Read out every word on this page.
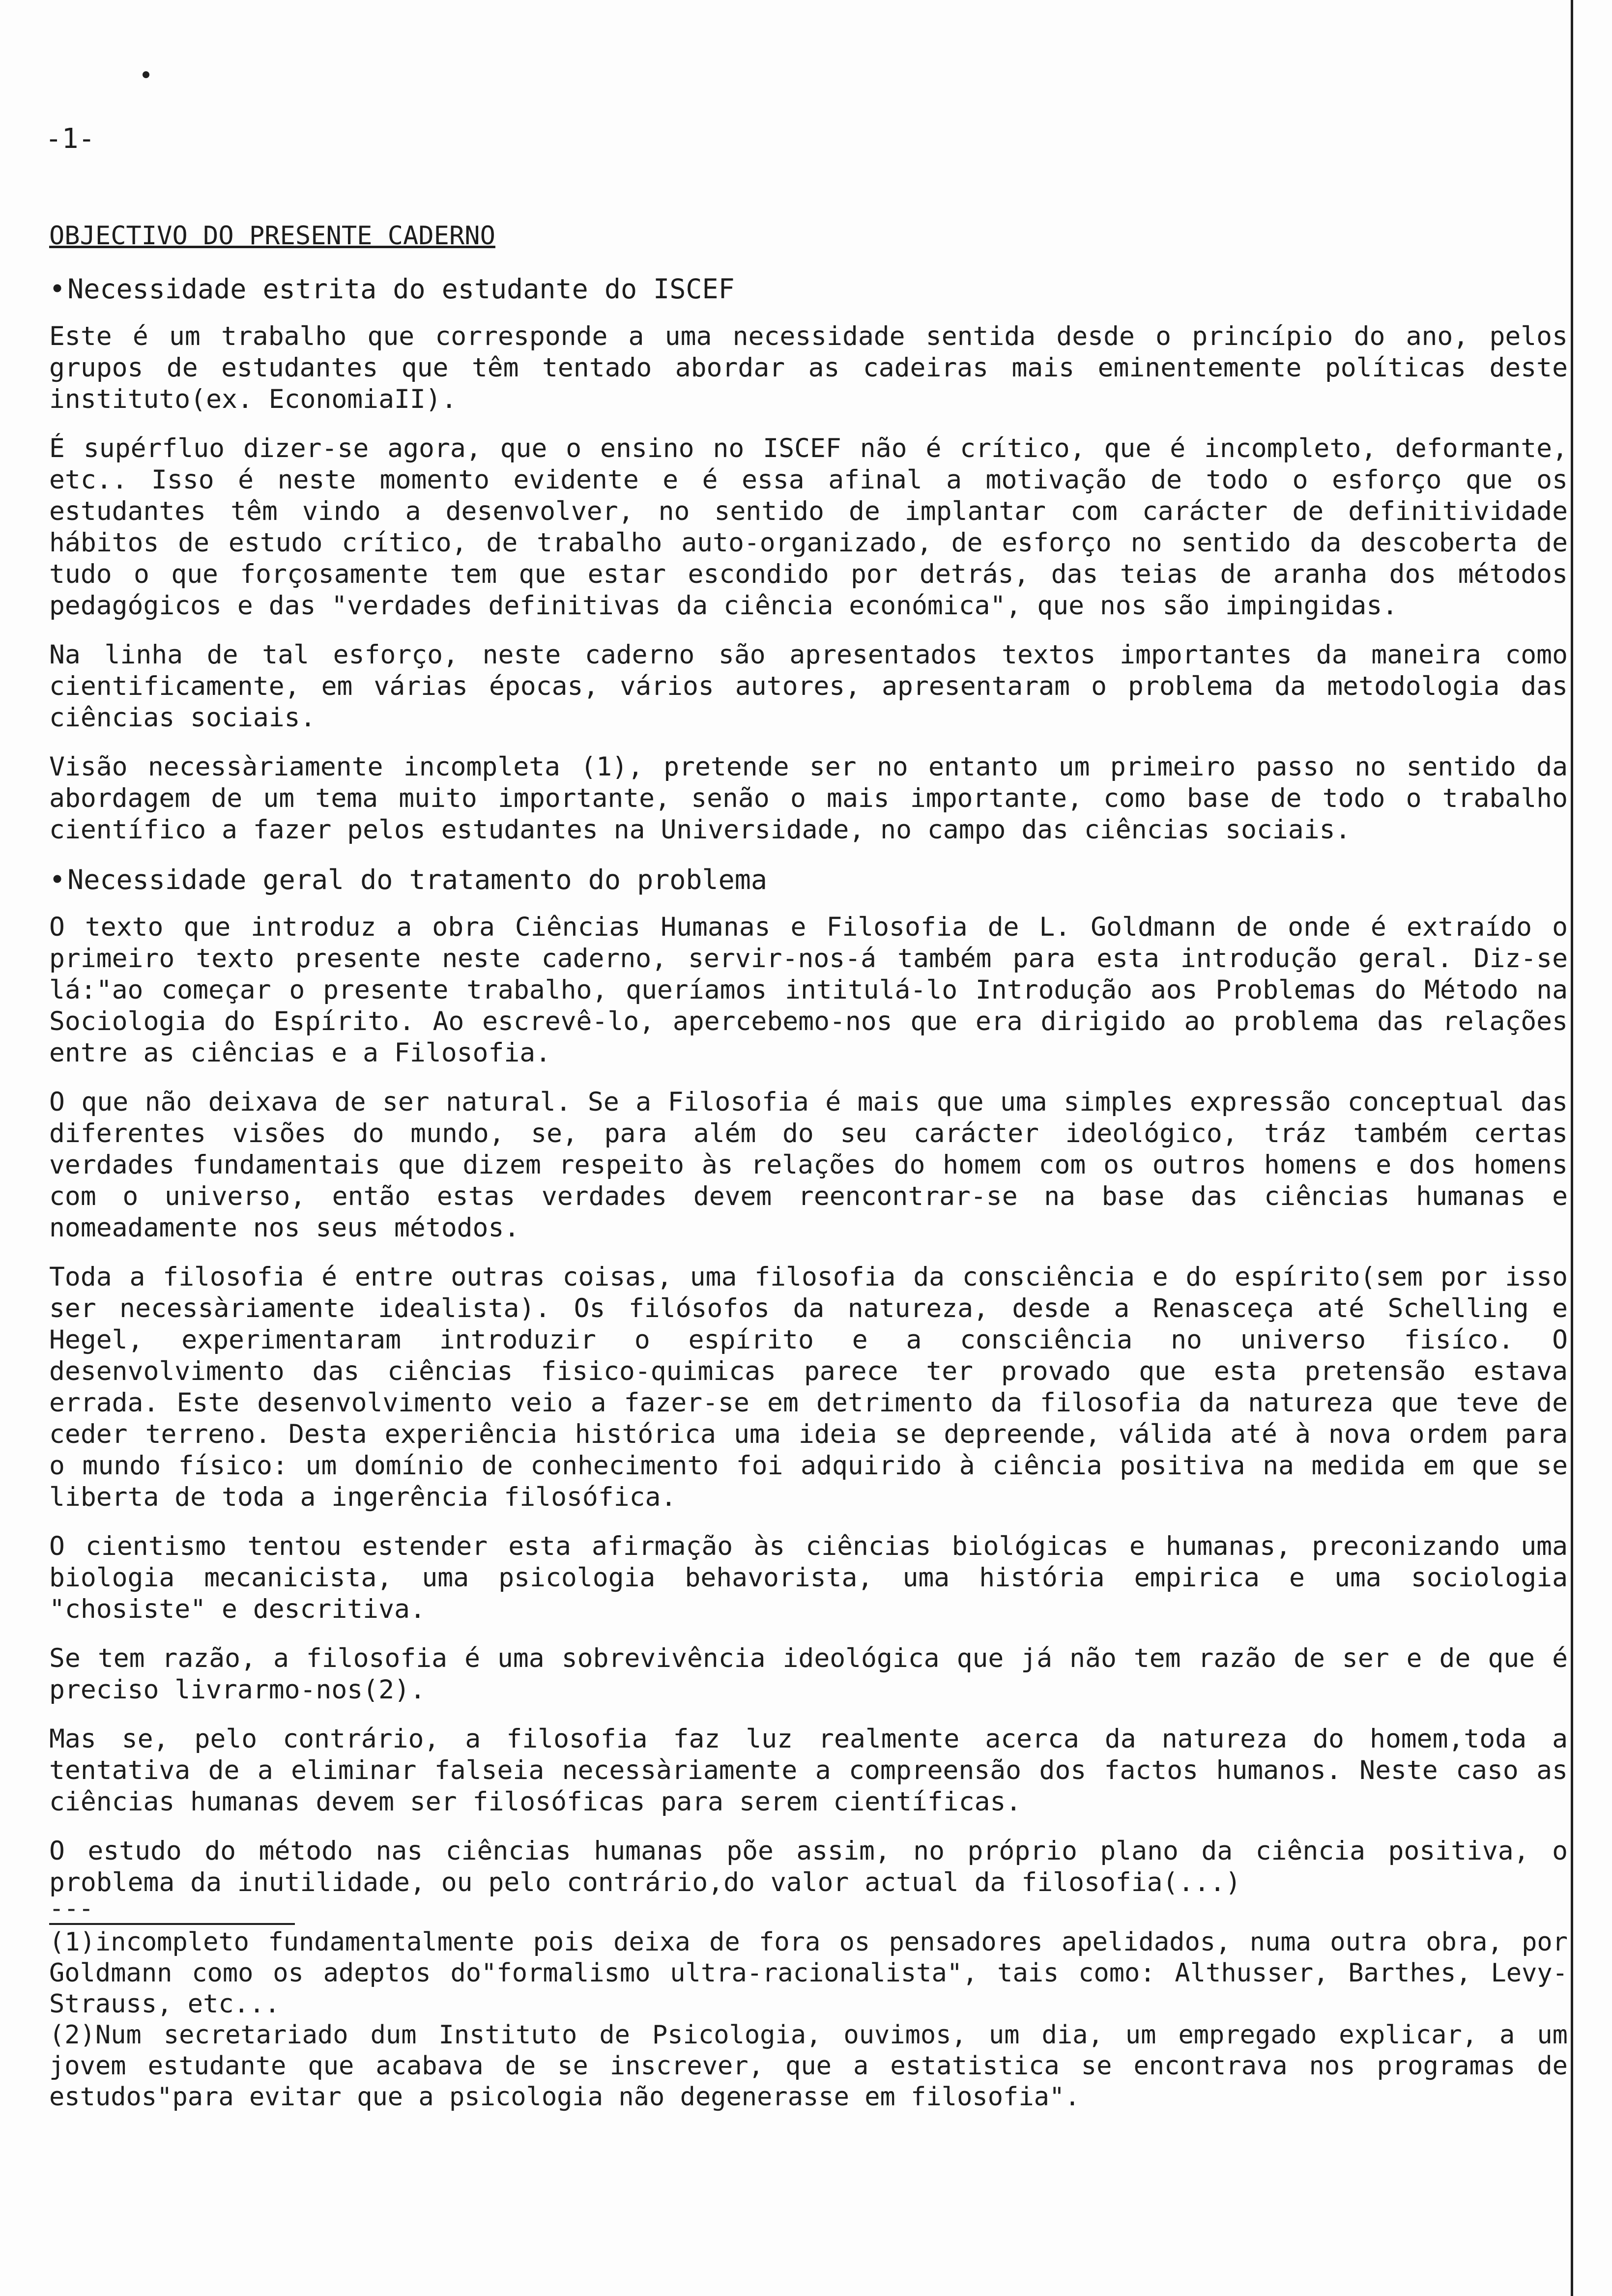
-1-
OBJECTIVO DO PRESENTE CADERNO
•Necessidade estrita do estudante do ISCEF

Este é um trabalho que corresponde a uma necessidade sentida desde o princípio do ano, pelos grupos de estudantes que têm tentado abordar as cadeiras mais eminentemente políticas deste instituto(ex. EconomiaII).

É supérfluo dizer-se agora, que o ensino no ISCEF não é crítico, que é incompleto, deformante, etc.. Isso é neste momento evidente e é essa afinal a motivação de todo o esforço que os estudantes têm vindo a desenvolver, no sentido de implantar com carácter de definitividade hábitos de estudo crítico, de trabalho auto-organizado, de esforço no sentido da descoberta de tudo o que forçosamente tem que estar escondido por detrás, das teias de aranha dos métodos pedagógicos e das "verdades definitivas da ciência económica", que nos são impingidas.

Na linha de tal esforço, neste caderno são apresentados textos importantes da maneira como cientificamente, em várias épocas, vários autores, apresentaram o problema da metodologia das ciências sociais.

Visão necessàriamente incompleta (1), pretende ser no entanto um primeiro passo no sentido da abordagem de um tema muito importante, senão o mais importante, como base de todo o trabalho científico a fazer pelos estudantes na Universidade, no campo das ciências sociais.

•Necessidade geral do tratamento do problema

O texto que introduz a obra Ciências Humanas e Filosofia de L. Goldmann de onde é extraído o primeiro texto presente neste caderno, servir-nos-á também para esta introdução geral. Diz-se lá:"ao começar o presente trabalho, queríamos intitulá-lo Introdução aos Problemas do Método na Sociologia do Espírito. Ao escrevê-lo, apercebemo-nos que era dirigido ao problema das relações entre as ciências e a Filosofia.

O que não deixava de ser natural. Se a Filosofia é mais que uma simples expressão conceptual das diferentes visões do mundo, se, para além do seu carácter ideológico, tráz também certas verdades fundamentais que dizem respeito às relações do homem com os outros homens e dos homens com o universo, então estas verdades devem reencontrar-se na base das ciências humanas e nomeadamente nos seus métodos.

Toda a filosofia é entre outras coisas, uma filosofia da consciência e do espírito(sem por isso ser necessàriamente idealista). Os filósofos da natureza, desde a Renasceça até Schelling e Hegel, experimentaram introduzir o espírito e a consciência no universo fisíco. O desenvolvimento das ciências fisico-quimicas parece ter provado que esta pretensão estava errada. Este desenvolvimento veio a fazer-se em detrimento da filosofia da natureza que teve de ceder terreno. Desta experiência histórica uma ideia se depreende, válida até à nova ordem para o mundo físico: um domínio de conhecimento foi adquirido à ciência positiva na medida em que se liberta de toda a ingerência filosófica.

O cientismo tentou estender esta afirmação às ciências biológicas e humanas, preconizando uma biologia mecanicista, uma psicologia behavorista, uma história empirica e uma sociologia "chosiste" e descritiva.

Se tem razão, a filosofia é uma sobrevivência ideológica que já não tem razão de ser e de que é preciso livrarmo-nos(2).

Mas se, pelo contrário, a filosofia faz luz realmente acerca da natureza do homem,toda a tentativa de a eliminar falseia necessàriamente a compreensão dos factos humanos. Neste caso as ciências humanas devem ser filosóficas para serem científicas.

O estudo do método nas ciências humanas põe assim, no próprio plano da ciência positiva, o problema da inutilidade, ou pelo contrário,do valor actual da filosofia(...)

---
(1)incompleto fundamentalmente pois deixa de fora os pensadores apelidados, numa outra obra, por Goldmann como os adeptos do"formalismo ultra-racionalista", tais como: Althusser, Barthes, Levy-Strauss, etc...
(2)Num secretariado dum Instituto de Psicologia, ouvimos, um dia, um empregado explicar, a um jovem estudante que acabava de se inscrever, que a estatistica se encontrava nos programas de estudos"para evitar que a psicologia não degenerasse em filosofia".
